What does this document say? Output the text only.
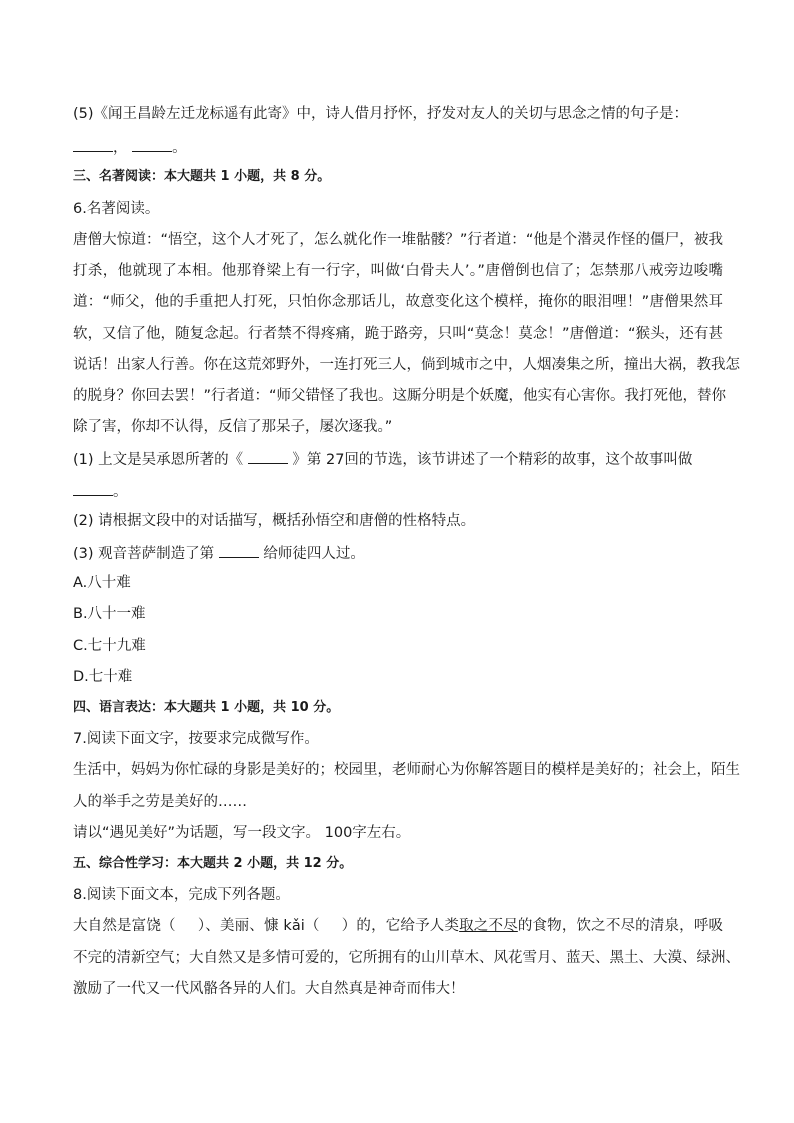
(5)《闻王昌龄左迁龙标遥有此寄》中，诗人借月抒怀，抒发对友人的关切与思念之情的句子是：
，	。
三、名著阅读：本大题共 1 小题，共 8 分。
6.名著阅读。
唐僧大惊道：“悟空，这个人才死了，怎么就化作一堆骷髅？”行者道：“他是个潜灵作怪的僵尸，被我
打杀，他就现了本相。他那脊梁上有一行字，叫做‘白骨夫人’。”唐僧倒也信了；怎禁那八戒旁边唆嘴
道：“师父，他的手重把人打死，只怕你念那话儿，故意变化这个模样，掩你的眼泪哩！”唐僧果然耳
软，又信了他，随复念起。行者禁不得疼痛，跪于路旁，只叫“莫念！莫念！”唐僧道：“猴头，还有甚
说话！出家人行善。你在这荒郊野外，一连打死三人，倘到城市之中，人烟凑集之所，撞出大祸，教我怎
的脱身？你回去罢！”行者道：“师父错怪了我也。这厮分明是个妖魔，他实有心害你。我打死他，替你
除了害，你却不认得，反信了那呆子，屡次逐我。”
(1) 上文是吴承恩所著的《	》第 27回的节选，该节讲述了一个精彩的故事，这个故事叫做
。
(2) 请根据文段中的对话描写，概括孙悟空和唐僧的性格特点。
(3) 观音菩萨制造了第	给师徒四人过。
A.八十难
B.八十一难
C.七十九难
D.七十难
四、语言表达：本大题共 1 小题，共 10 分。
7.阅读下面文字，按要求完成微写作。
生活中，妈妈为你忙碌的身影是美好的；校园里，老师耐心为你解答题目的模样是美好的；社会上，陌生
人的举手之劳是美好的……
请以“遇见美好”为话题，写一段文字。 100字左右。
五、综合性学习：本大题共 2 小题，共 12 分。
8.阅读下面文本，完成下列各题。
大自然是富饶（ ）、美丽、慷 kǎi（ ）的，它给予人类取之不尽的食物，饮之不尽的清泉，呼吸
不完的清新空气；大自然又是多情可爱的，它所拥有的山川草木、风花雪月、蓝天、黑土、大漠、绿洲、
激励了一代又一代风骼各异的人们。大自然真是神奇而伟大！
